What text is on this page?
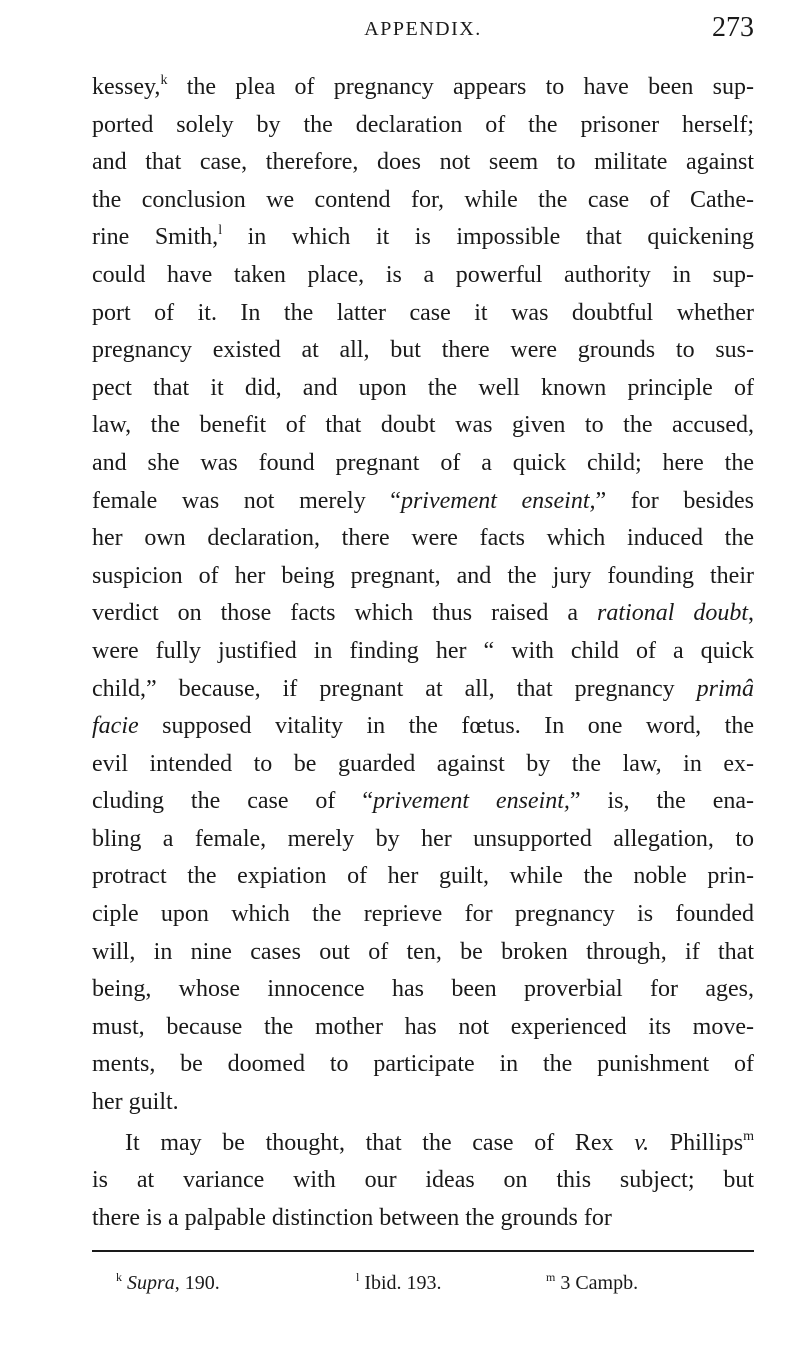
APPENDIX.	273
kessey,$^k$ the plea of pregnancy appears to have been sup-
ported solely by the declaration of the prisoner herself;
and that case, therefore, does not seem to militate against
the conclusion we contend for, while the case of Cathe-
rine Smith,$^l$ in which it is impossible that quickening
could have taken place, is a powerful authority in sup-
port of it. In the latter case it was doubtful whether
pregnancy existed at all, but there were grounds to sus-
pect that it did, and upon the well known principle of
law, the benefit of that doubt was given to the accused,
and she was found pregnant of a quick child; here the
female was not merely “privement enseint,” for besides
her own declaration, there were facts which induced the
suspicion of her being pregnant, and the jury founding their
verdict on those facts which thus raised a rational doubt,
were fully justified in finding her “ with child of a quick
child,” because, if pregnant at all, that pregnancy primâ
facie supposed vitality in the fœtus. In one word, the
evil intended to be guarded against by the law, in ex-
cluding the case of “privement enseint,” is, the ena-
bling a female, merely by her unsupported allegation, to
protract the expiation of her guilt, while the noble prin-
ciple upon which the reprieve for pregnancy is founded
will, in nine cases out of ten, be broken through, if that
being, whose innocence has been proverbial for ages,
must, because the mother has not experienced its move-
ments, be doomed to participate in the punishment of
her guilt.
It may be thought, that the case of Rex v. Phillips$^m$
is at variance with our ideas on this subject; but
there is a palpable distinction between the grounds for
$^k$ Supra, 190.	$^l$ Ibid. 193.	$^m$ 3 Campb.
